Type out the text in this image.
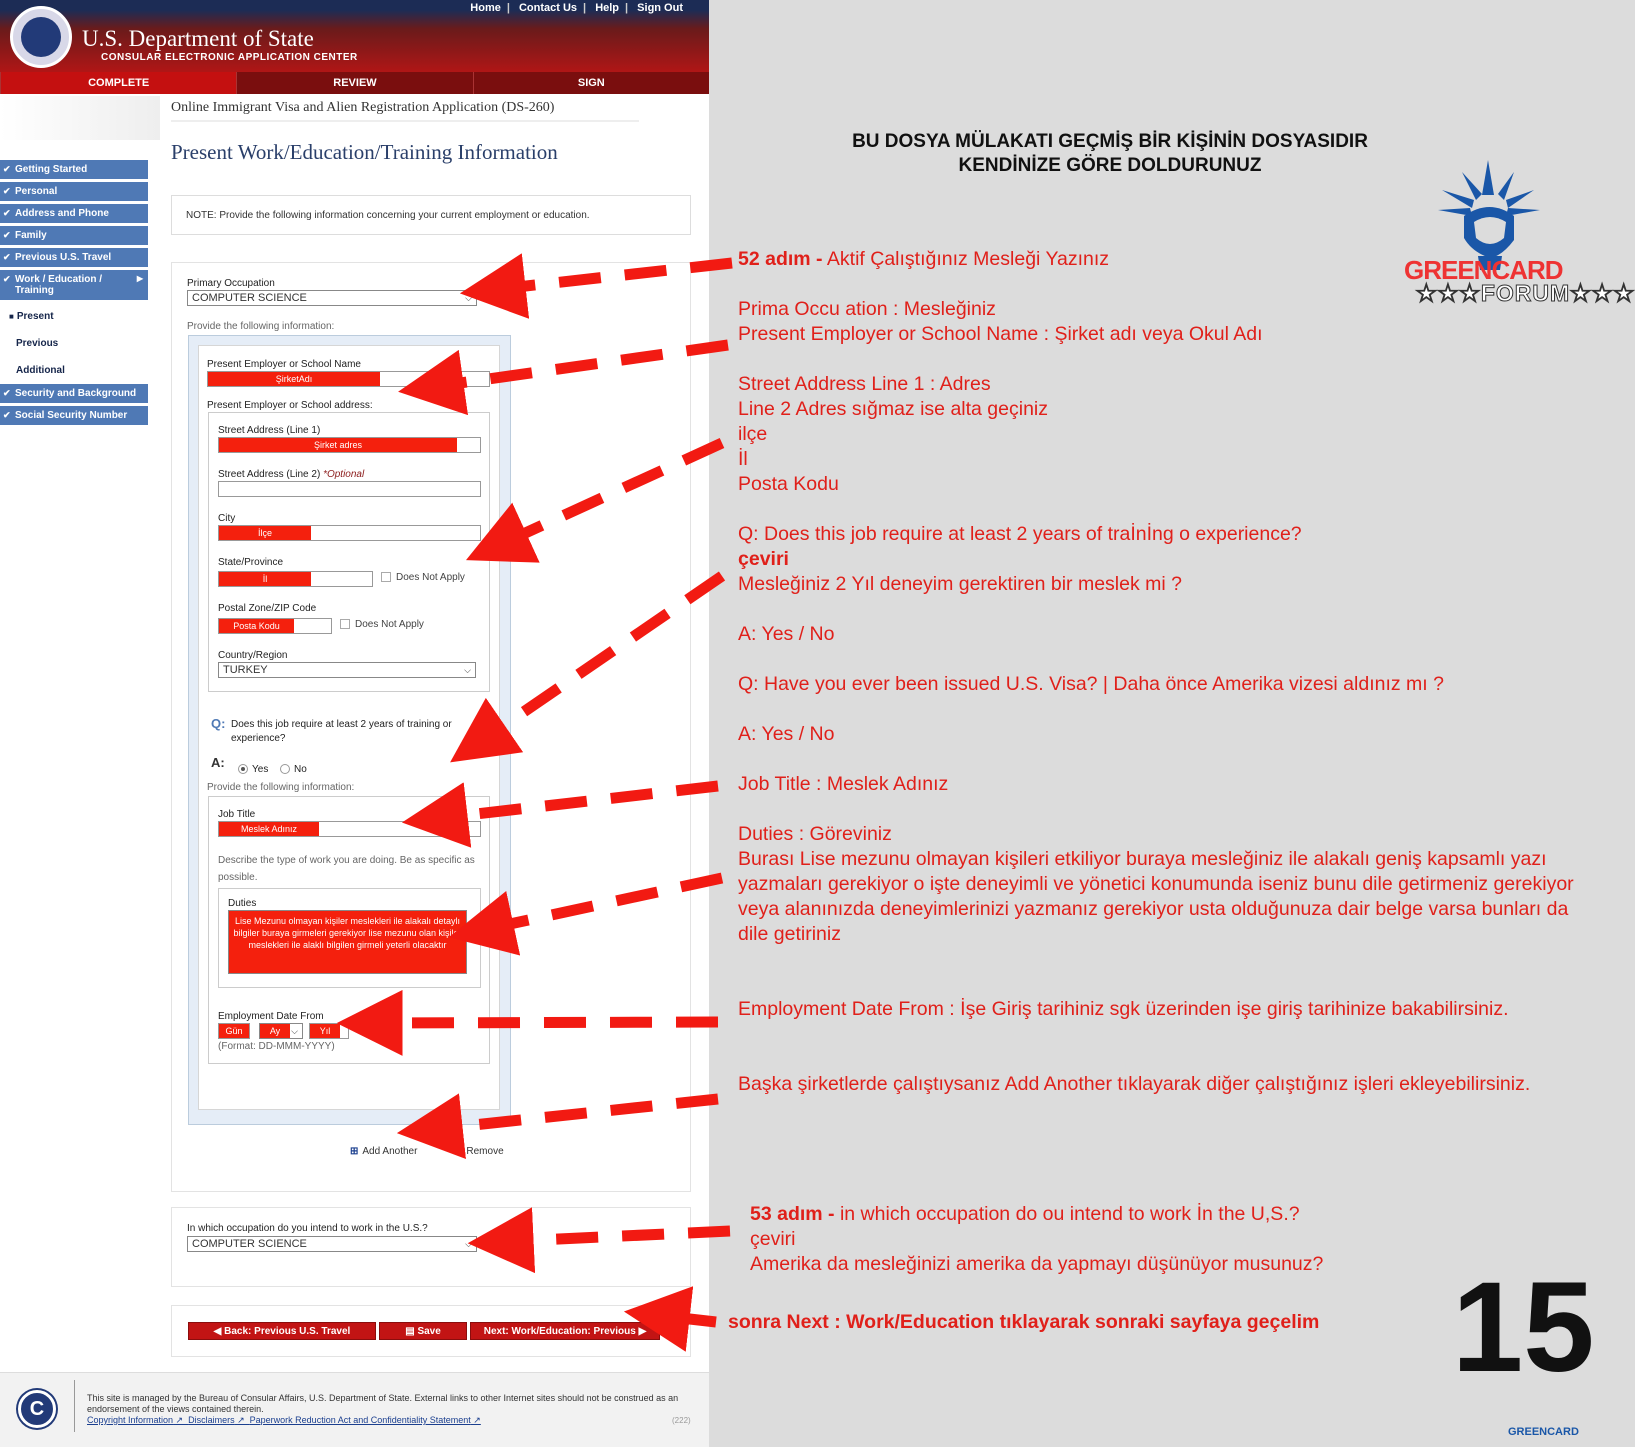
Home | Contact Us | Help | Sign Out
U.S. Department of State
CONSULAR ELECTRONIC APPLICATION CENTER
COMPLETE	REVIEW	SIGN
Online Immigrant Visa and Alien Registration Application (DS-260)
✔ Getting Started
✔ Personal
✔ Address and Phone
✔ Family
✔ Previous U.S. Travel
✔ Work / Education / Training
▶
■ Present
Previous
Additional
✔ Security and Background
✔ Social Security Number
Present Work/Education/Training Information
NOTE: Provide the following information concerning your current employment or education.
Primary Occupation
COMPUTER SCIENCE	⌵
Provide the following information:
Present Employer or School Name
ŞirketAdı
Present Employer or School address:
Street Address (Line 1)
Şirket adres
Street Address (Line 2) *Optional
City
İlçe
State/Province
İl	Does Not Apply
Postal Zone/ZIP Code
Posta Kodu	Does Not Apply
Country/Region
TURKEY	⌵
Q: Does this job require at least 2 years of training or experience?
A:	Yes	No
Provide the following information:
Job Title
Meslek Adınız
Describe the type of work you are doing. Be as specific as possible.
Duties
Lise Mezunu olmayan kişiler meslekleri ile alakalı detaylı bilgiler buraya girmeleri gerekiyor lise mezunu olan kişiler meslekleri ile alaklı bilgilen girmeli yeterli olacaktır
Employment Date From
Gün	Ay	⌵	Yıl
(Format: DD-MMM-YYYY)
⊞ Add Another	⊟ Remove
In which occupation do you intend to work in the U.S.?
COMPUTER SCIENCE	⌵
◀ Back: Previous U.S. Travel	▤ Save	Next: Work/Education: Previous ▶
C	This site is managed by the Bureau of Consular Affairs, U.S. Department of State. External links to other Internet sites should not be construed as an endorsement of the views contained therein.
Copyright Information ↗  Disclaimers ↗  Paperwork Reduction Act and Confidentiality Statement ↗	(222)
BU DOSYA MÜLAKATI GEÇMİŞ BİR KİŞİNİN DOSYASIDIR
KENDİNİZE GÖRE DOLDURUNUZ
GREENCARD
★★★FORUM★★★
52 adım - Aktif Çalıştığınız Mesleği Yazınız
Prima Occu ation : Mesleğiniz
Present Employer or School Name : Şirket adı veya Okul Adı
Street Address Line 1 : Adres
Line 2 Adres sığmaz ise alta geçiniz
ilçe
İl
Posta Kodu
Q: Does this job require at least 2 years of traİnİng o experience?
çeviri
Mesleğiniz 2 Yıl deneyim gerektiren bir meslek mi ?
A: Yes / No
Q: Have you ever been issued U.S. Visa? | Daha önce Amerika vizesi aldınız mı ?
A: Yes / No
Job Title : Meslek Adınız
Duties : Göreviniz
Burası Lise mezunu olmayan kişileri etkiliyor buraya mesleğiniz ile alakalı geniş kapsamlı yazı yazmaları gerekiyor o işte deneyimli ve yönetici konumunda iseniz bunu dile getirmeniz gerekiyor veya alanınızda deneyimlerinizi yazmanız gerekiyor usta olduğunuza dair belge varsa bunları da dile getiriniz
Employment Date From : İşe Giriş tarihiniz sgk üzerinden işe giriş tarihinize bakabilirsiniz.
Başka şirketlerde çalıştıysanız Add Another tıklayarak diğer çalıştığınız işleri ekleyebilirsiniz.
53 adım - in which occupation do ou intend to work İn the U,S.?
çeviri
Amerika da mesleğinizi amerika da yapmayı düşünüyor musunuz?
sonra Next : Work/Education tıklayarak sonraki sayfaya geçelim 15
GREENCARD
